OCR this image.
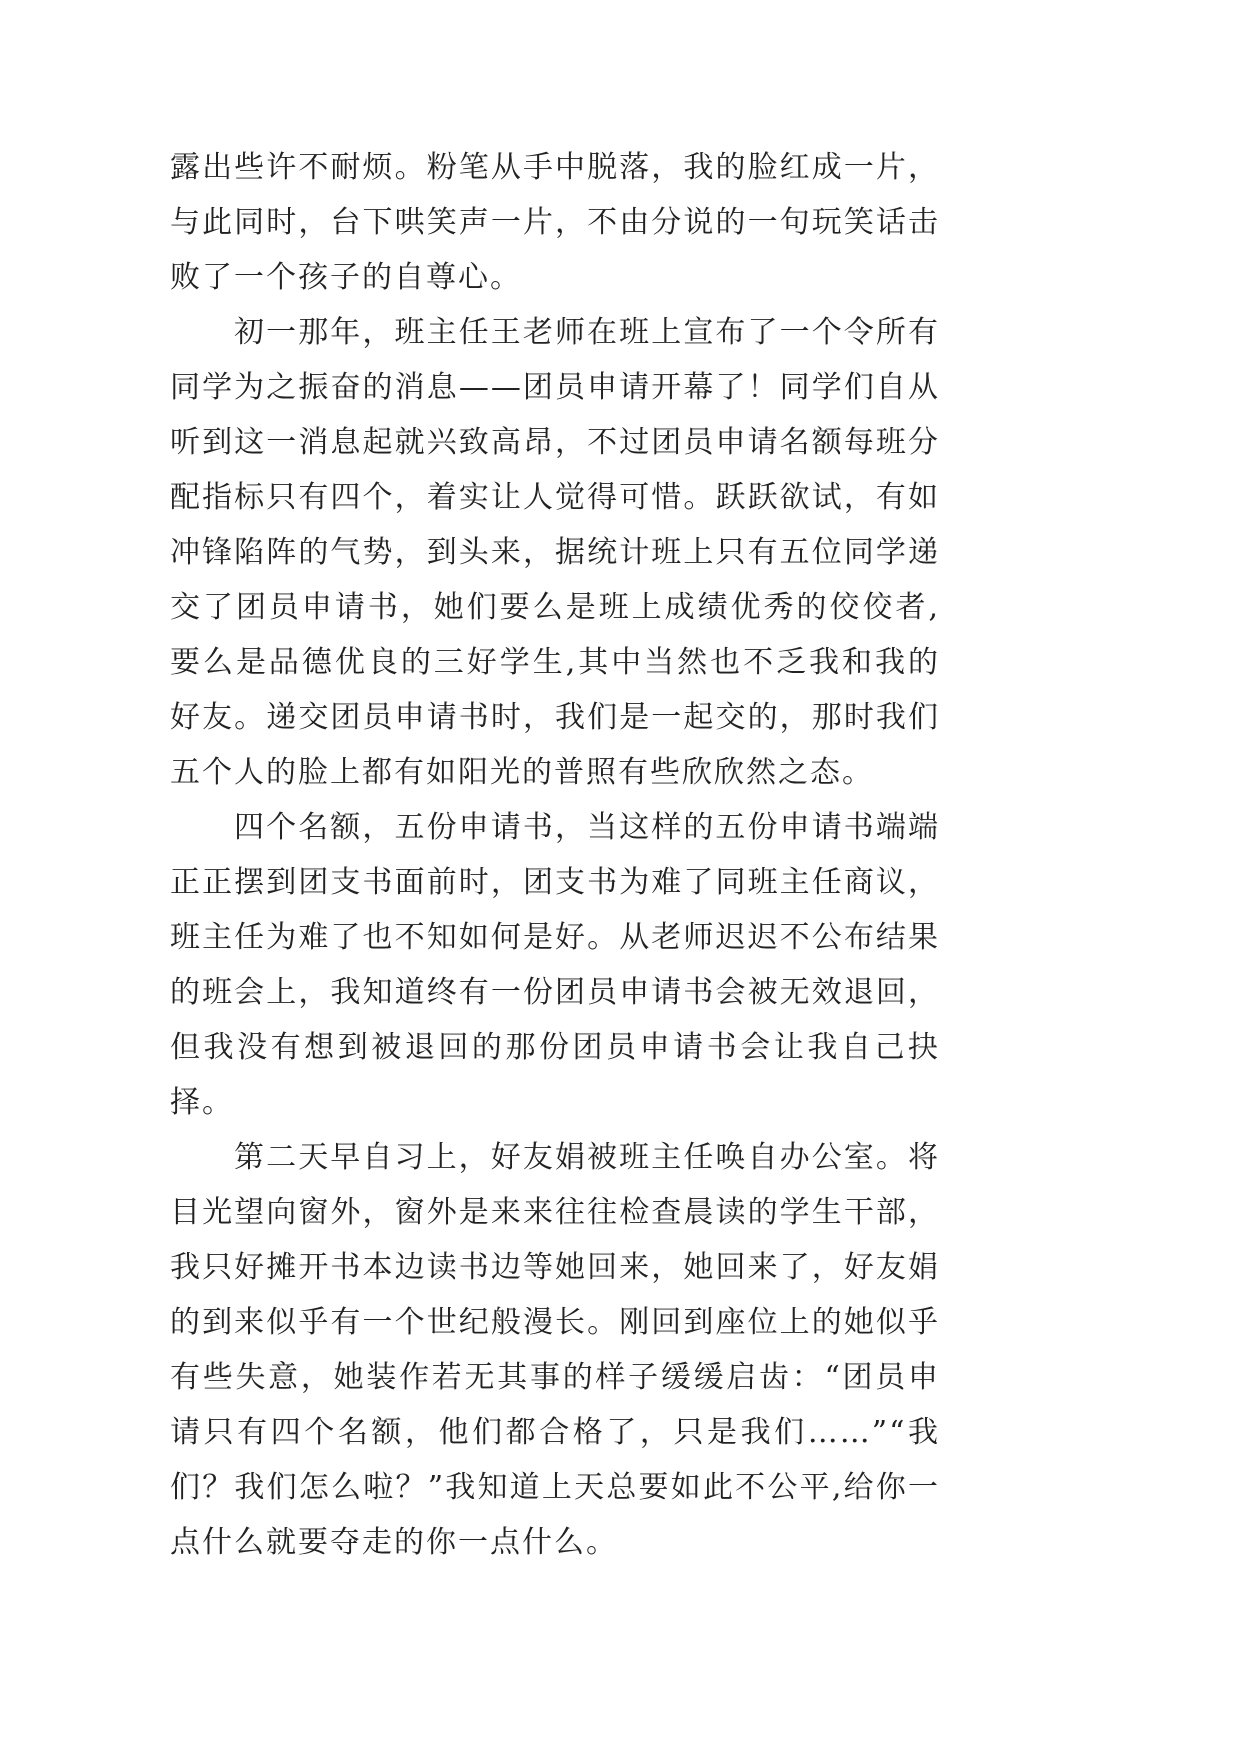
露出些许不耐烦。粉笔从手中脱落，我的脸红成一片，与此同时，台下哄笑声一片，不由分说的一句玩笑话击败了一个孩子的自尊心。

初一那年，班主任王老师在班上宣布了一个令所有同学为之振奋的消息——团员申请开幕了！同学们自从听到这一消息起就兴致高昂，不过团员申请名额每班分配指标只有四个，着实让人觉得可惜。跃跃欲试，有如冲锋陷阵的气势，到头来，据统计班上只有五位同学递交了团员申请书，她们要么是班上成绩优秀的佼佼者,要么是品德优良的三好学生,其中当然也不乏我和我的好友。递交团员申请书时，我们是一起交的，那时我们五个人的脸上都有如阳光的普照有些欣欣然之态。

四个名额，五份申请书，当这样的五份申请书端端正正摆到团支书面前时，团支书为难了同班主任商议，班主任为难了也不知如何是好。从老师迟迟不公布结果的班会上，我知道终有一份团员申请书会被无效退回，但我没有想到被退回的那份团员申请书会让我自己抉择。

第二天早自习上，好友娟被班主任唤自办公室。将目光望向窗外，窗外是来来往往检查晨读的学生干部，我只好摊开书本边读书边等她回来，她回来了，好友娟的到来似乎有一个世纪般漫长。刚回到座位上的她似乎有些失意，她装作若无其事的样子缓缓启齿：“团员申请只有四个名额，他们都合格了，只是我们……”“我们？我们怎么啦？”我知道上天总要如此不公平,给你一点什么就要夺走的你一点什么。
